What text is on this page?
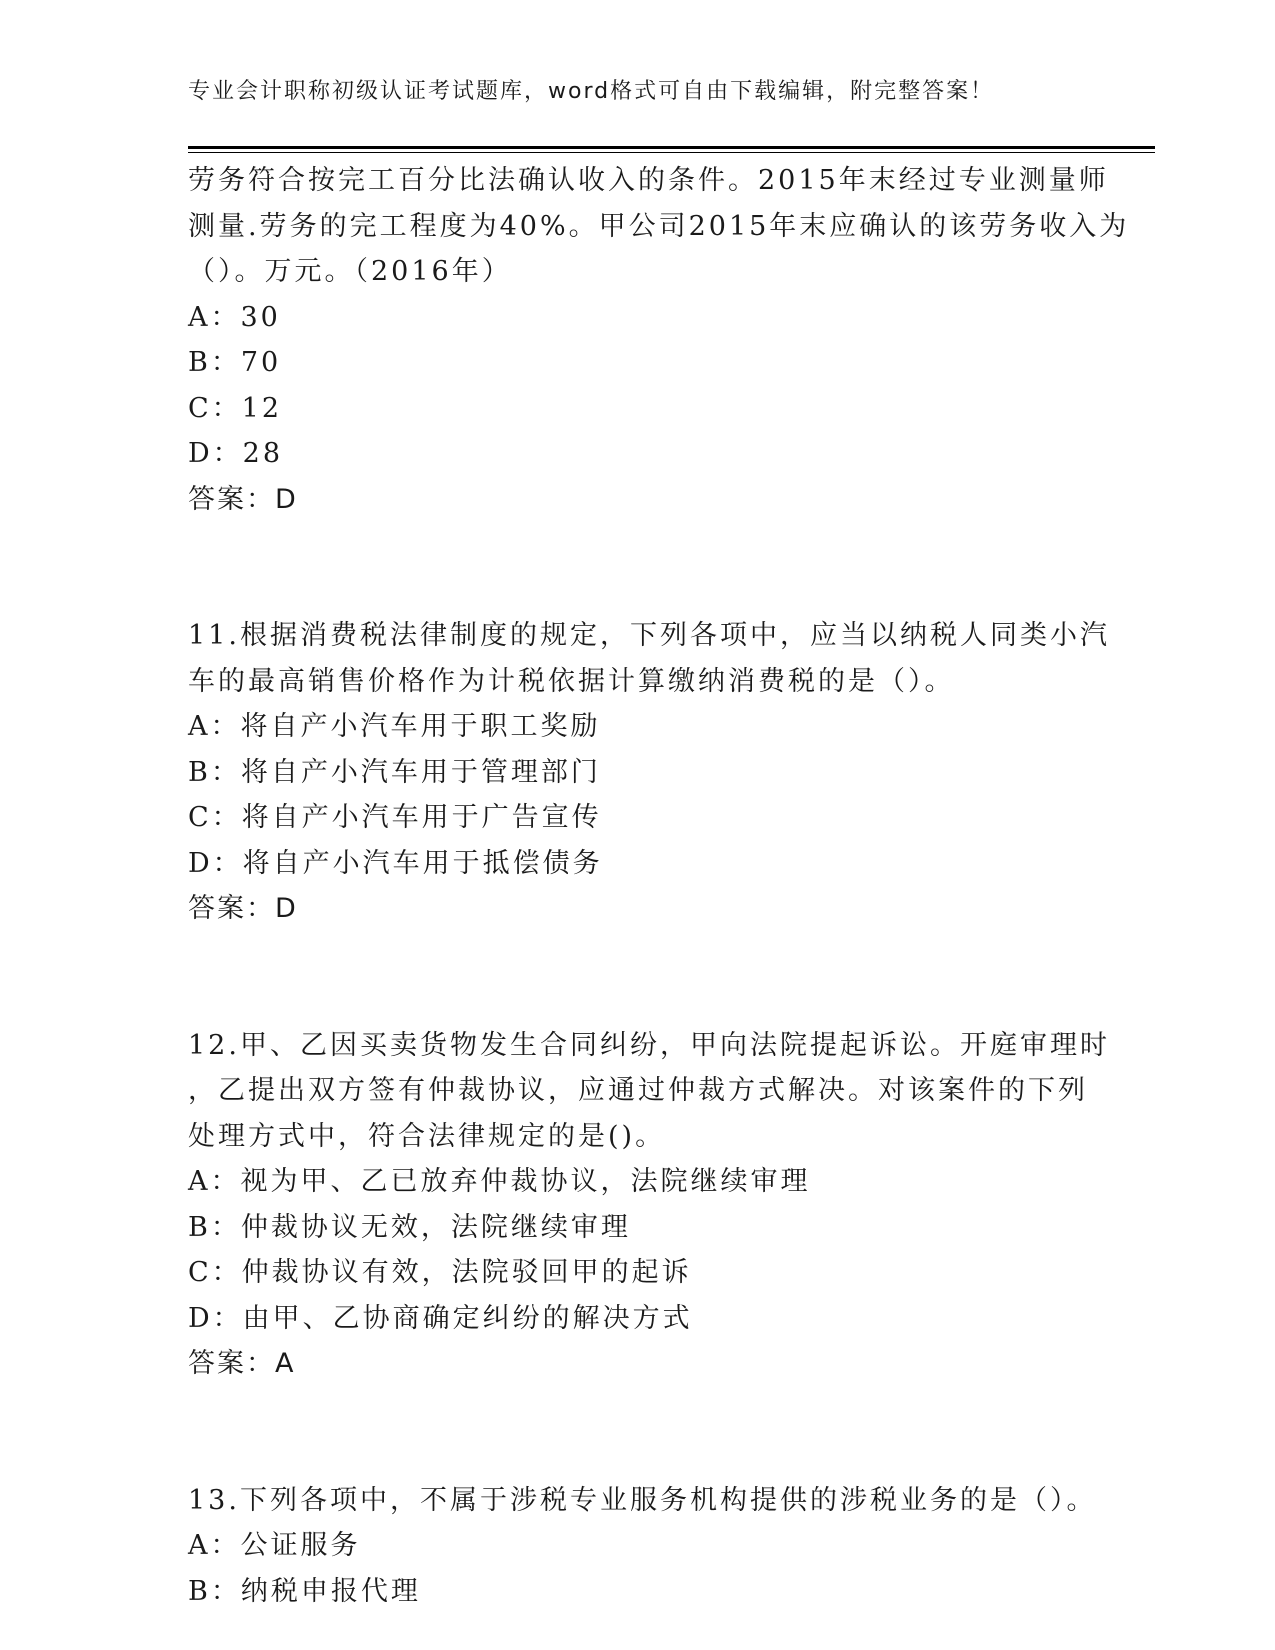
专业会计职称初级认证考试题库，word格式可自由下载编辑，附完整答案！
劳务符合按完工百分比法确认收入的条件。2015年末经过专业测量师
测量.劳务的完工程度为40%。甲公司2015年末应确认的该劳务收入为
（）。万元。（2016年）
A：30
B：70
C：12
D：28
答案：D
11.根据消费税法律制度的规定，下列各项中，应当以纳税人同类小汽
车的最高销售价格作为计税依据计算缴纳消费税的是（）。
A：将自产小汽车用于职工奖励
B：将自产小汽车用于管理部门
C：将自产小汽车用于广告宣传
D：将自产小汽车用于抵偿债务
答案：D
12.甲、乙因买卖货物发生合同纠纷，甲向法院提起诉讼。开庭审理时
，乙提出双方签有仲裁协议，应通过仲裁方式解决。对该案件的下列
处理方式中，符合法律规定的是()。
A：视为甲、乙已放弃仲裁协议，法院继续审理
B：仲裁协议无效，法院继续审理
C：仲裁协议有效，法院驳回甲的起诉
D：由甲、乙协商确定纠纷的解决方式
答案：A
13.下列各项中，不属于涉税专业服务机构提供的涉税业务的是（）。
A：公证服务
B：纳税申报代理
